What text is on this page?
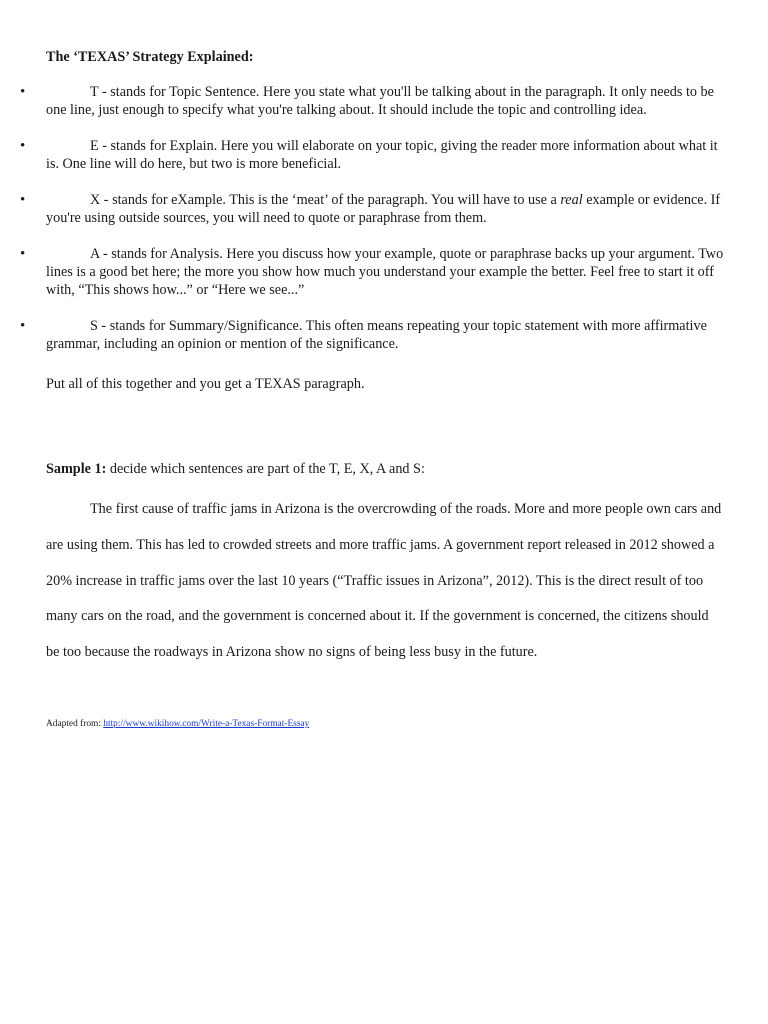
The ‘TEXAS’ Strategy Explained:
•	T - stands for Topic Sentence. Here you state what you'll be talking about in the paragraph. It only needs to be one line, just enough to specify what you're talking about. It should include the topic and controlling idea.
•	E - stands for Explain. Here you will elaborate on your topic, giving the reader more information about what it is. One line will do here, but two is more beneficial.
•	X - stands for eXample. This is the ‘meat’ of the paragraph. You will have to use a real example or evidence. If you're using outside sources, you will need to quote or paraphrase from them.
•	A - stands for Analysis. Here you discuss how your example, quote or paraphrase backs up your argument. Two lines is a good bet here; the more you show how much you understand your example the better. Feel free to start it off with, “This shows how...” or “Here we see...”
•	S - stands for Summary/Significance. This often means repeating your topic statement with more affirmative grammar, including an opinion or mention of the significance.
Put all of this together and you get a TEXAS paragraph.
Sample 1: decide which sentences are part of the T, E, X, A and S:
The first cause of traffic jams in Arizona is the overcrowding of the roads. More and more people own cars and are using them. This has led to crowded streets and more traffic jams. A government report released in 2012 showed a 20% increase in traffic jams over the last 10 years (“Traffic issues in Arizona”, 2012). This is the direct result of too many cars on the road, and the government is concerned about it. If the government is concerned, the citizens should be too because the roadways in Arizona show no signs of being less busy in the future.
Adapted from: http://www.wikihow.com/Write-a-Texas-Format-Essay
